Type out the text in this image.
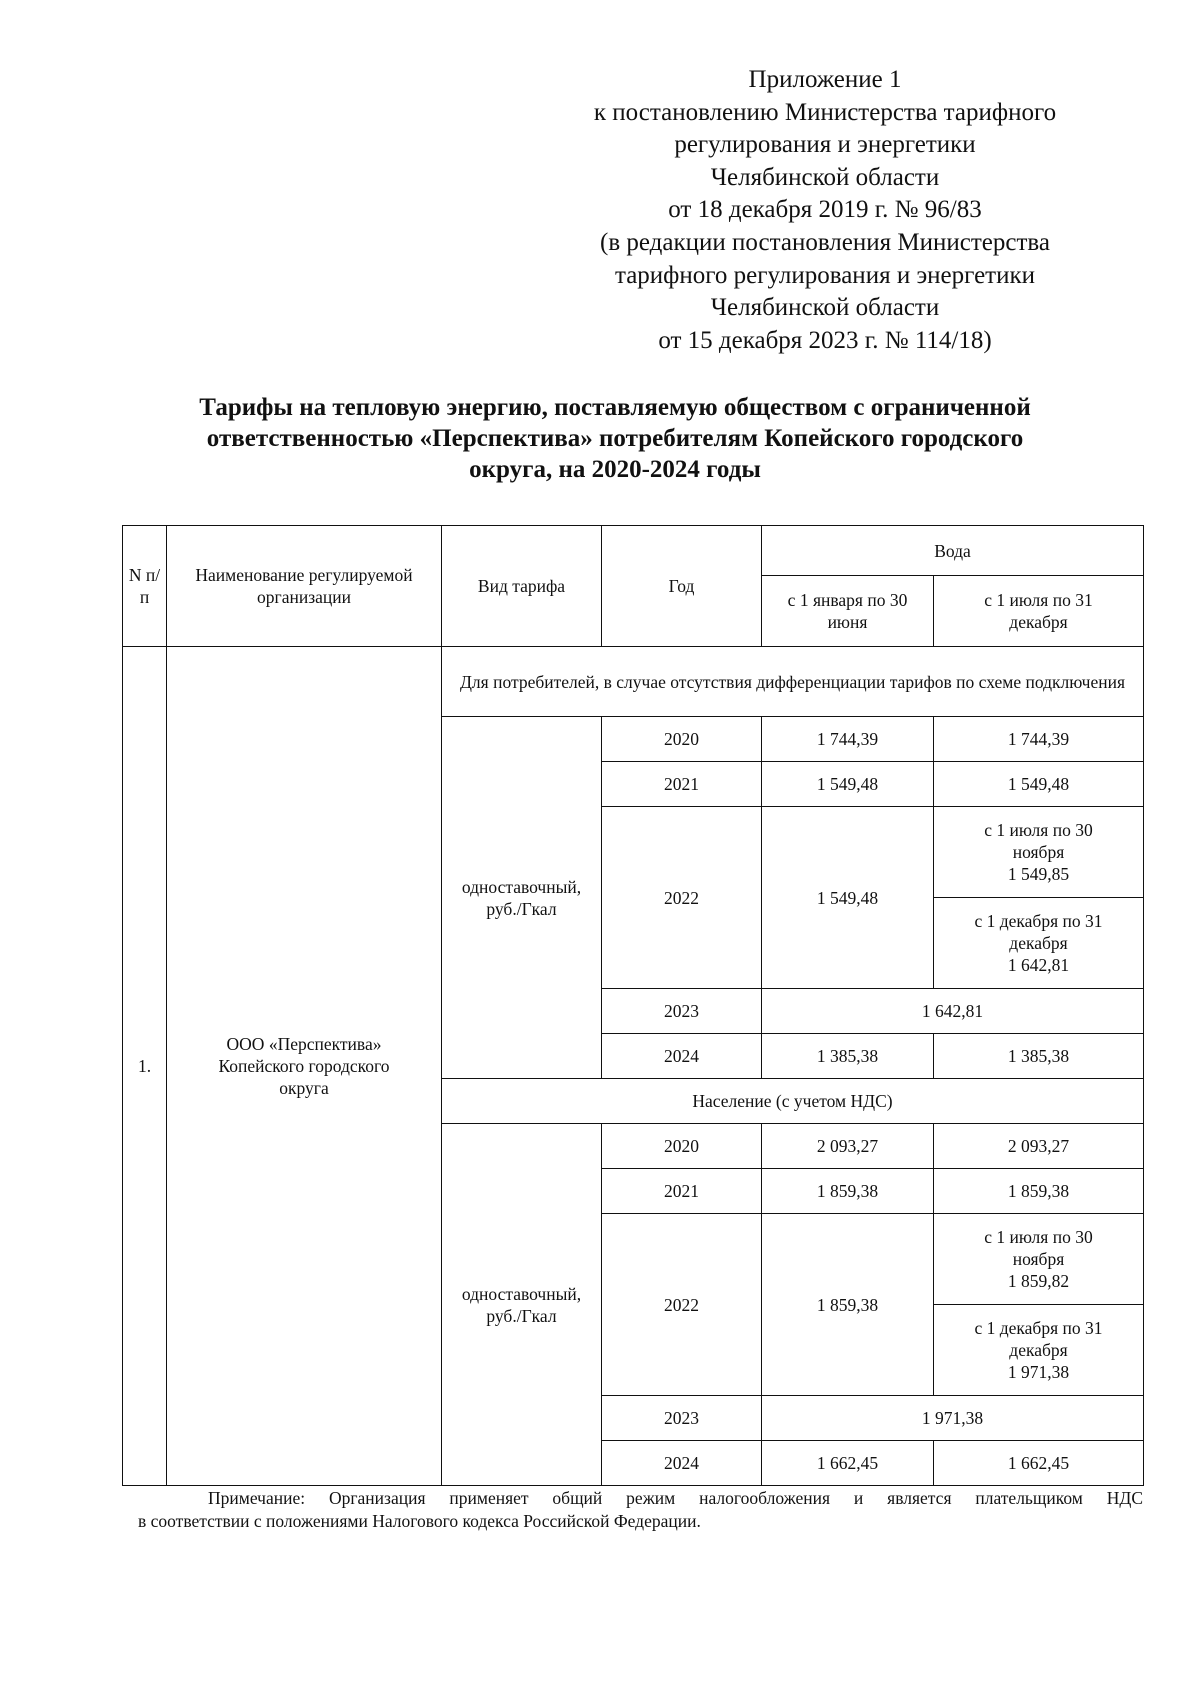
Приложение 1
к постановлению Министерства тарифного
регулирования и энергетики
Челябинской области
от 18 декабря 2019 г. № 96/83
(в редакции постановления Министерства
тарифного регулирования и энергетики
Челябинской области
от 15 декабря 2023 г. № 114/18)
Тарифы на тепловую энергию, поставляемую обществом с ограниченной
ответственностью «Перспектива» потребителям Копейского городского
округа, на 2020-2024 годы
N п/п	Наименование регулируемой организации	Вид тарифа	Год	Вода	
				с 1 января по 30 июня	с 1 июля по 31 декабря
1.	ООО «Перспектива» Копейского городского округа	Для потребителей, в случае отсутствия дифференциации тарифов по схеме подключения			
		одноставочный, руб./Гкал	2020	1 744,39	1 744,39
			2021	1 549,48	1 549,48
			2022	1 549,48	с 1 июля по 30 ноября
1 549,85

					с 1 декабря по 31 декабря
1 642,81

			2023	1 642,81	
			2024	1 385,38	1 385,38
		Население (с учетом НДС)			
		одноставочный, руб./Гкал	2020	2 093,27	2 093,27
			2021	1 859,38	1 859,38
			2022	1 859,38	с 1 июля по 30 ноября
1 859,82

					с 1 декабря по 31 декабря
1 971,38

			2023	1 971,38	
			2024	1 662,45	1 662,45
Примечание: Организация применяет общий режим налогообложения и является плательщиком НДС
в соответствии с положениями Налогового кодекса Российской Федерации.
